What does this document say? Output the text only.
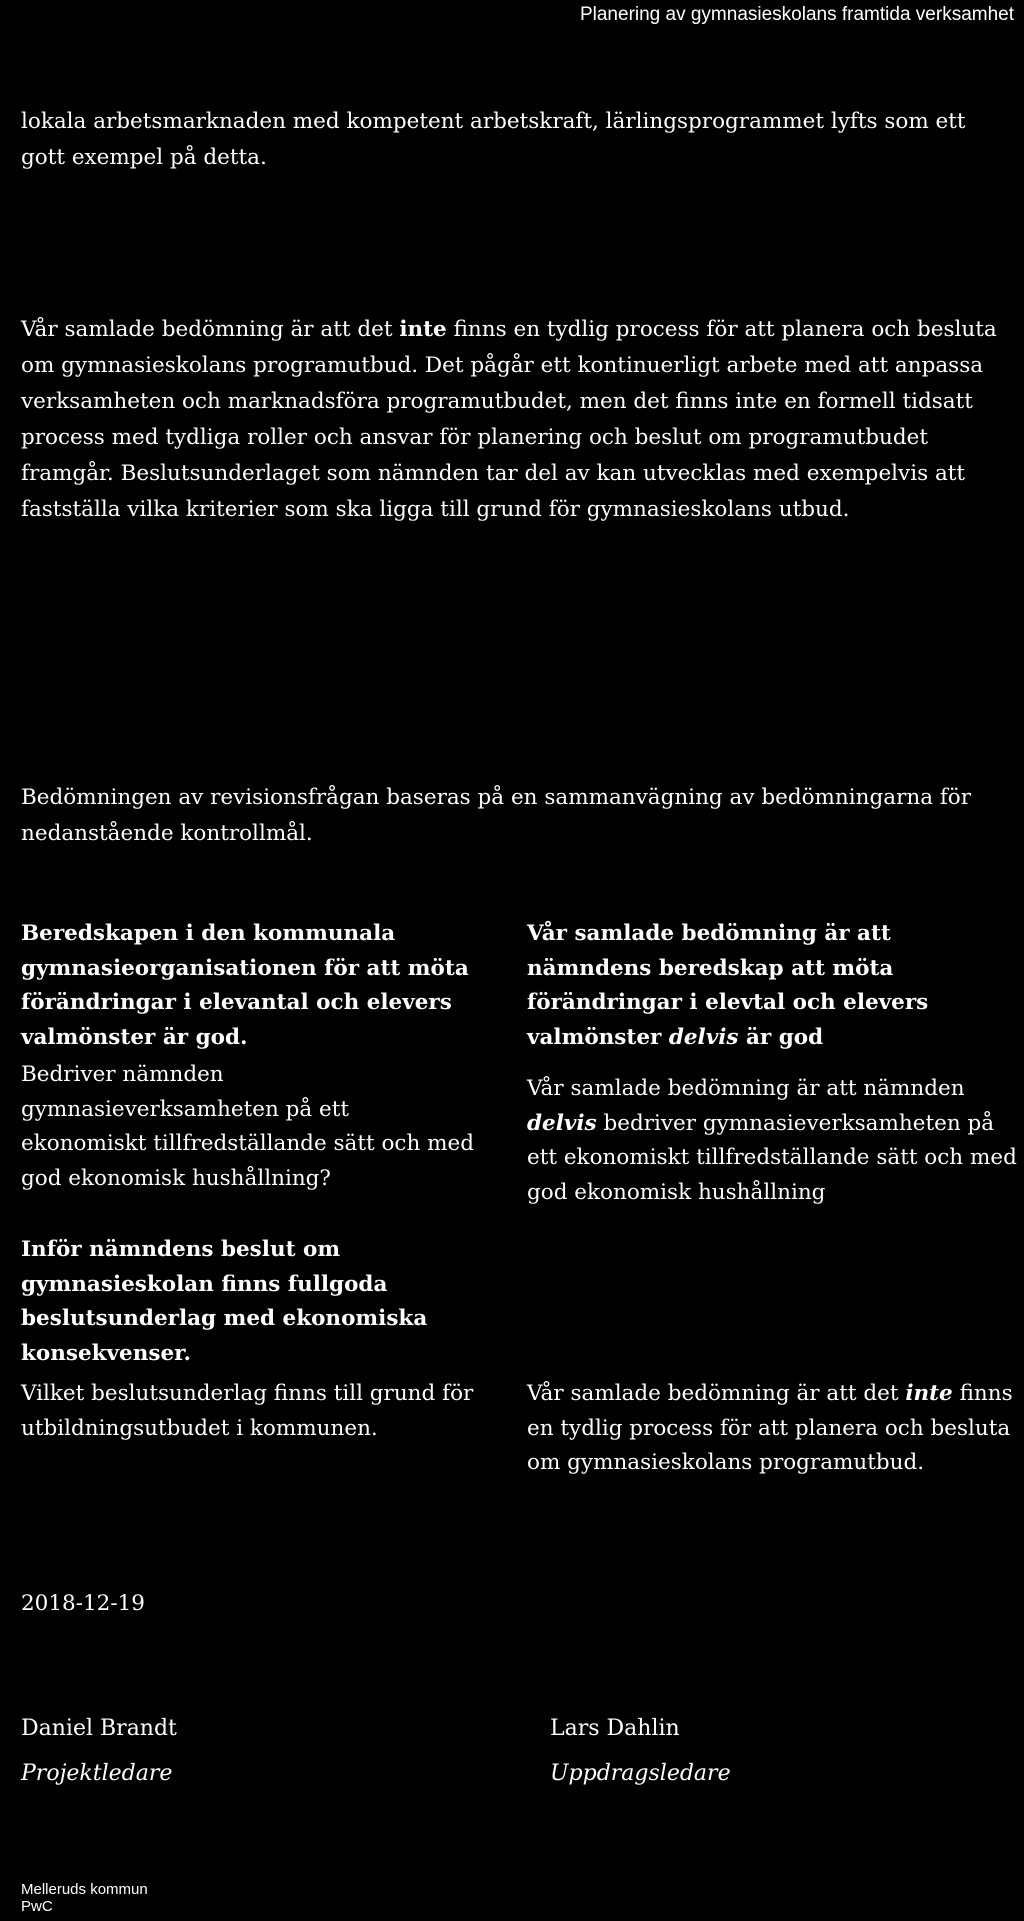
Planering av gymnasieskolans framtida verksamhet

lokala arbetsmarknaden med kompetent arbetskraft, lärlingsprogrammet lyfts som ett gott exempel på detta.

Vår samlade bedömning är att det inte finns en tydlig process för att planera och besluta om gymnasieskolans programutbud. Det pågår ett kontinuerligt arbete med att anpassa verksamheten och marknadsföra programutbudet, men det finns inte en formell tidsatt process med tydliga roller och ansvar för planering och beslut om programutbudet framgår. Beslutsunderlaget som nämnden tar del av kan utvecklas med exempelvis att fastställa vilka kriterier som ska ligga till grund för gymnasieskolans utbud.

Bedömningen av revisionsfrågan baseras på en sammanvägning av bedömningarna för nedanstående kontrollmål.

Beredskapen i den kommunala gymnasieorganisationen för att möta förändringar i elevantal och elevers valmönster är god.

Vår samlade bedömning är att nämndens beredskap att möta förändringar i elevtal och elevers valmönster delvis är god

Bedriver nämnden gymnasieverksamheten på ett ekonomiskt tillfredställande sätt och med god ekonomisk hushållning?

Vår samlade bedömning är att nämnden delvis bedriver gymnasieverksamheten på ett ekonomiskt tillfredställande sätt och med god ekonomisk hushållning

Inför nämndens beslut om gymnasieskolan finns fullgoda beslutsunderlag med ekonomiska konsekvenser.

Vilket beslutsunderlag finns till grund för utbildningsutbudet i kommunen.

Vår samlade bedömning är att det inte finns en tydlig process för att planera och besluta om gymnasieskolans programutbud.

2018-12-19
Daniel Brandt
Projektledare
Lars Dahlin
Uppdragsledare
Melleruds kommun
PwC
